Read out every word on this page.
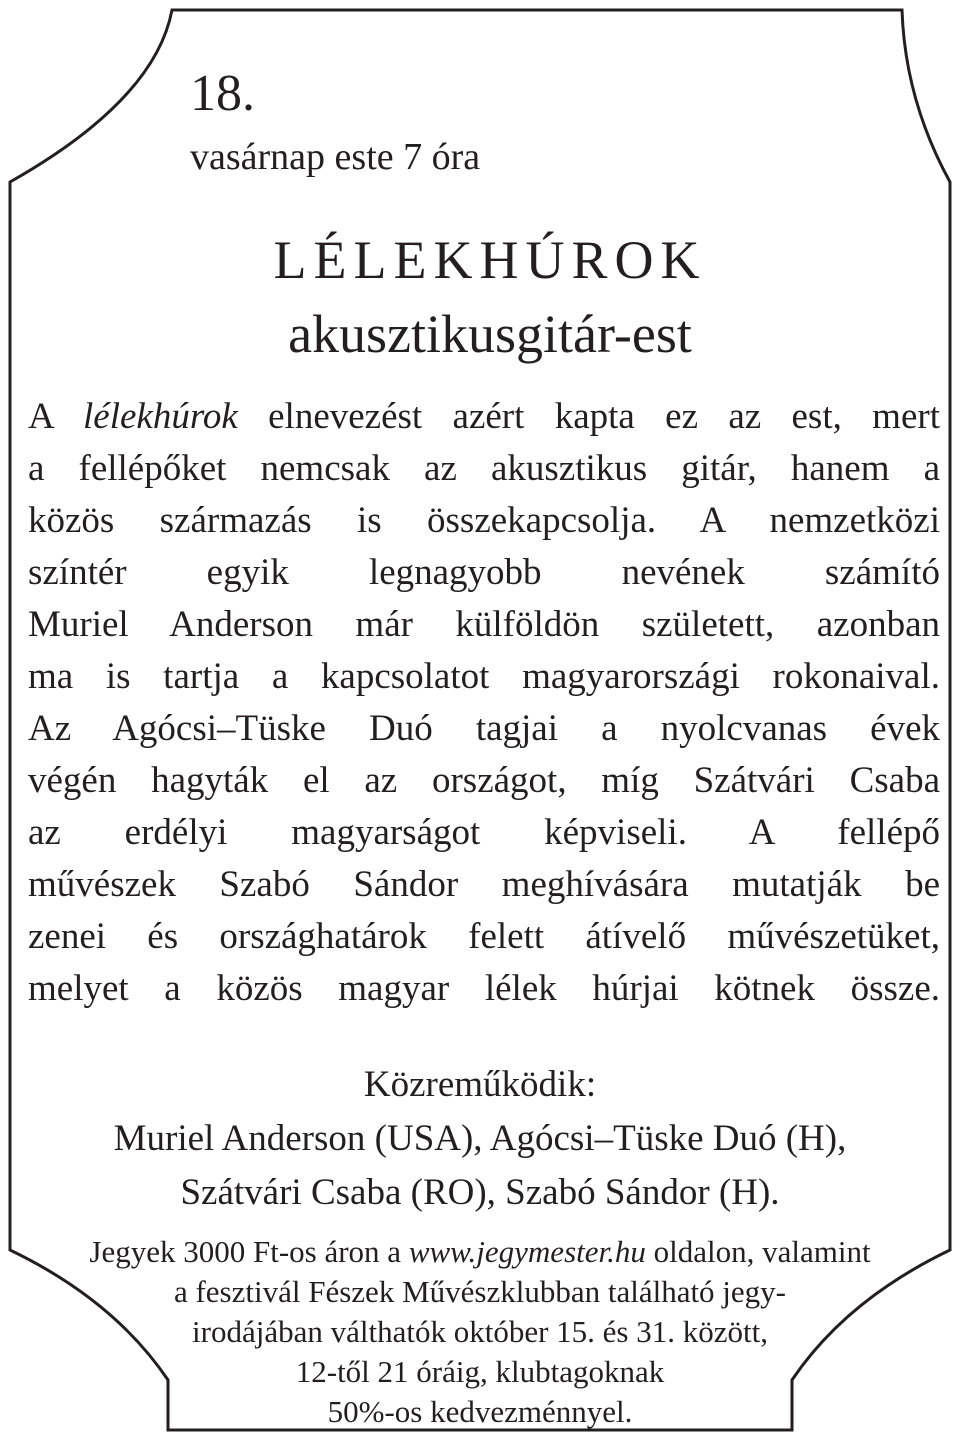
18.
vasárnap este 7 óra
LÉLEKHÚROK
akusztikusgitár-est
A lélekhúrok elnevezést azért kapta ez az est, mert
a fellépőket nemcsak az akusztikus gitár, hanem a
közös származás is összekapcsolja. A nemzetközi
színtér egyik legnagyobb nevének számító
Muriel Anderson már külföldön született, azonban
ma is tartja a kapcsolatot magyarországi rokonaival.
Az Agócsi–Tüske Duó tagjai a nyolcvanas évek
végén hagyták el az országot, míg Szátvári Csaba
az erdélyi magyarságot képviseli. A fellépő
művészek Szabó Sándor meghívására mutatják be
zenei és országhatárok felett átívelő művészetüket,
melyet a közös magyar lélek húrjai kötnek össze.
Közreműködik:
Muriel Anderson (USA), Agócsi–Tüske Duó (H),
Szátvári Csaba (RO), Szabó Sándor (H).
Jegyek 3000 Ft-os áron a www.jegymester.hu oldalon, valamint
a fesztivál Fészek Művészklubban található jegy-
irodájában válthatók október 15. és 31. között,
12-től 21 óráig, klubtagoknak
50%-os kedvezménnyel.
